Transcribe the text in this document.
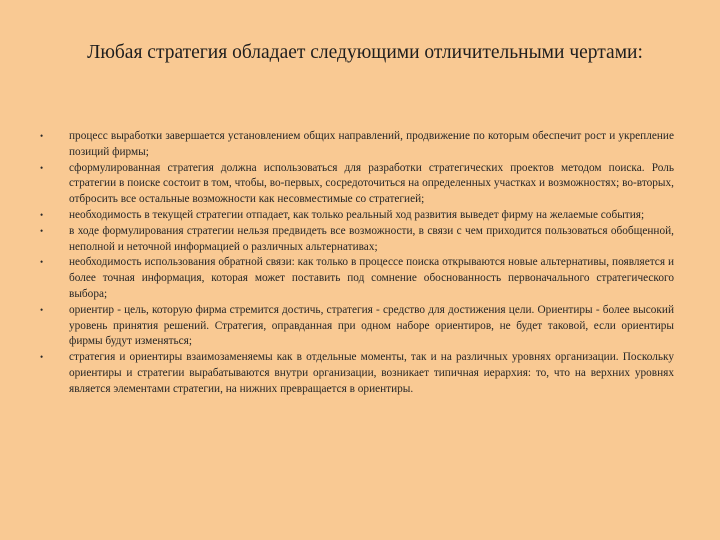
Любая стратегия обладает следующими отличительными чертами:
•	процесс выработки завершается установлением общих направлений, продвижение по которым обеспечит рост и укрепление позиций фирмы;
•	сформулированная стратегия должна использоваться для разработки стратегических проектов методом поиска. Роль стратегии в поиске состоит в том, чтобы, во-первых, сосредоточиться на определенных участках и возможностях; во-вторых, отбросить все остальные возможности как несовместимые со стратегией;
•	необходимость в текущей стратегии отпадает, как только реальный ход развития выведет фирму на желаемые события;
•	в ходе формулирования стратегии нельзя предвидеть все возможности, в связи с чем приходится пользоваться обобщенной, неполной и неточной информацией о различных альтернативах;
•	необходимость использования обратной связи: как только в процессе поиска открываются новые альтернативы, появляется и более точная информация, которая может поставить под сомнение обоснованность первоначального стратегического выбора;
•	ориентир - цель, которую фирма стремится достичь, стратегия - средство для достижения цели. Ориентиры - более высокий уровень принятия решений. Стратегия, оправданная при одном наборе ориентиров, не будет таковой, если ориентиры фирмы будут изменяться;
•	стратегия и ориентиры взаимозаменяемы как в отдельные моменты, так и на различных уровнях организации. Поскольку ориентиры и стратегии вырабатываются внутри организации, возникает типичная иерархия: то, что на верхних уровнях является элементами стратегии, на нижних превращается в ориентиры.
